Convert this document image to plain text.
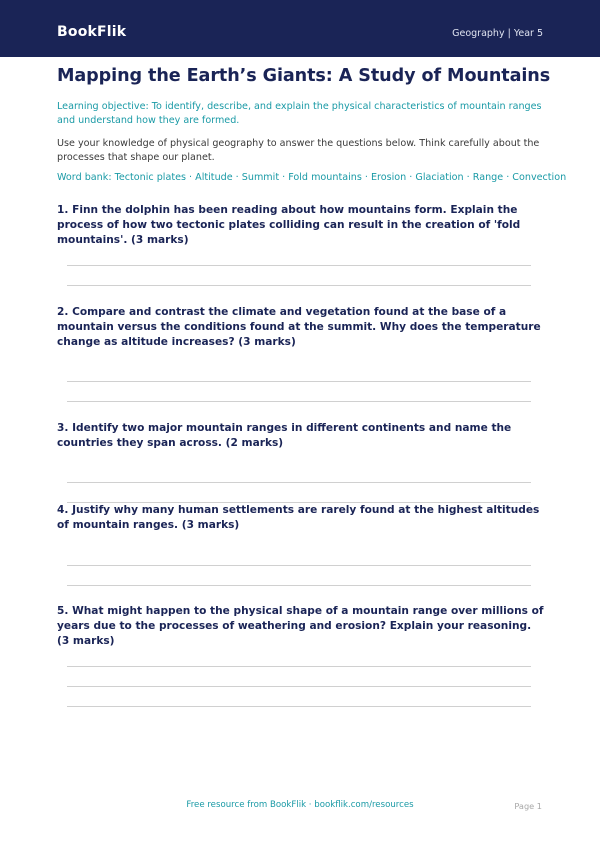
BookFlik	Geography | Year 5
Mapping the Earth’s Giants: A Study of Mountains
Learning objective: To identify, describe, and explain the physical characteristics of mountain ranges and understand how they are formed.
Use your knowledge of physical geography to answer the questions below. Think carefully about the processes that shape our planet.
Word bank: Tectonic plates · Altitude · Summit · Fold mountains · Erosion · Glaciation · Range · Convection
1. Finn the dolphin has been reading about how mountains form. Explain the process of how two tectonic plates colliding can result in the creation of 'fold mountains'. (3 marks)
2. Compare and contrast the climate and vegetation found at the base of a mountain versus the conditions found at the summit. Why does the temperature change as altitude increases? (3 marks)
3. Identify two major mountain ranges in different continents and name the countries they span across. (2 marks)
4. Justify why many human settlements are rarely found at the highest altitudes of mountain ranges. (3 marks)
5. What might happen to the physical shape of a mountain range over millions of years due to the processes of weathering and erosion? Explain your reasoning. (3 marks)
Free resource from BookFlik · bookflik.com/resources	Page 1
